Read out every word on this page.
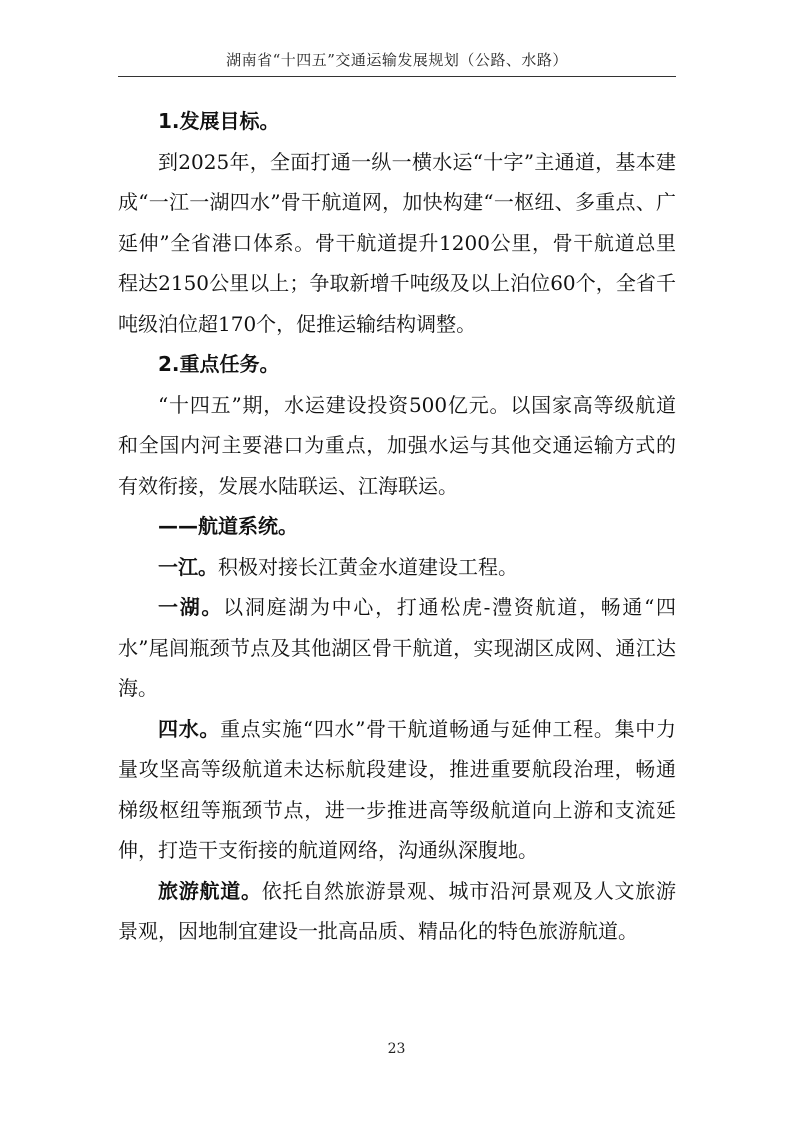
湖南省“十四五”交通运输发展规划（公路、水路）

1.发展目标。

到2025年，全面打通一纵一横水运“十字”主通道，基本建成“一江一湖四水”骨干航道网，加快构建“一枢纽、多重点、广延伸”全省港口体系。骨干航道提升1200公里，骨干航道总里程达2150公里以上；争取新增千吨级及以上泊位60个，全省千吨级泊位超170个，促推运输结构调整。

2.重点任务。

“十四五”期，水运建设投资500亿元。以国家高等级航道和全国内河主要港口为重点，加强水运与其他交通运输方式的有效衔接，发展水陆联运、江海联运。

——航道系统。

一江。积极对接长江黄金水道建设工程。

一湖。以洞庭湖为中心，打通松虎-澧资航道，畅通“四水”尾闾瓶颈节点及其他湖区骨干航道，实现湖区成网、通江达海。

四水。重点实施“四水”骨干航道畅通与延伸工程。集中力量攻坚高等级航道未达标航段建设，推进重要航段治理，畅通梯级枢纽等瓶颈节点，进一步推进高等级航道向上游和支流延伸，打造干支衔接的航道网络，沟通纵深腹地。

旅游航道。依托自然旅游景观、城市沿河景观及人文旅游景观，因地制宜建设一批高品质、精品化的特色旅游航道。

23
